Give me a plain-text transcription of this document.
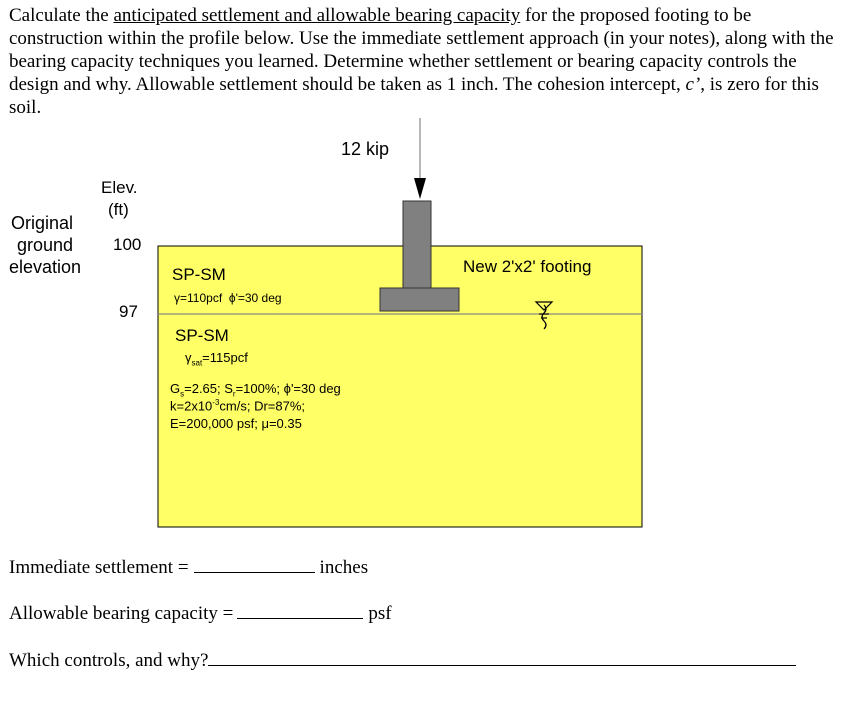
Calculate the anticipated settlement and allowable bearing capacity for the proposed footing to be construction within the profile below. Use the immediate settlement approach (in your notes), along with the bearing capacity techniques you learned. Determine whether settlement or bearing capacity controls the design and why. Allowable settlement should be taken as 1 inch. The cohesion intercept, c’, is zero for this soil.
12 kip
Elev.
(ft)
Original
ground
elevation
100
97
New 2'x2' footing
SP-SM
γ=110pcf ϕ'=30 deg
SP-SM
$\gamma_{sat}=115pcf$
$G_s=2.65$; $S_r=100\%$; ϕ'=30 deg
$k=2x10^{-3}cm/s$; Dr=87%;
E=200,000 psf; μ=0.35
Immediate settlement =	inches
Allowable bearing capacity =	psf
Which controls, and why?
